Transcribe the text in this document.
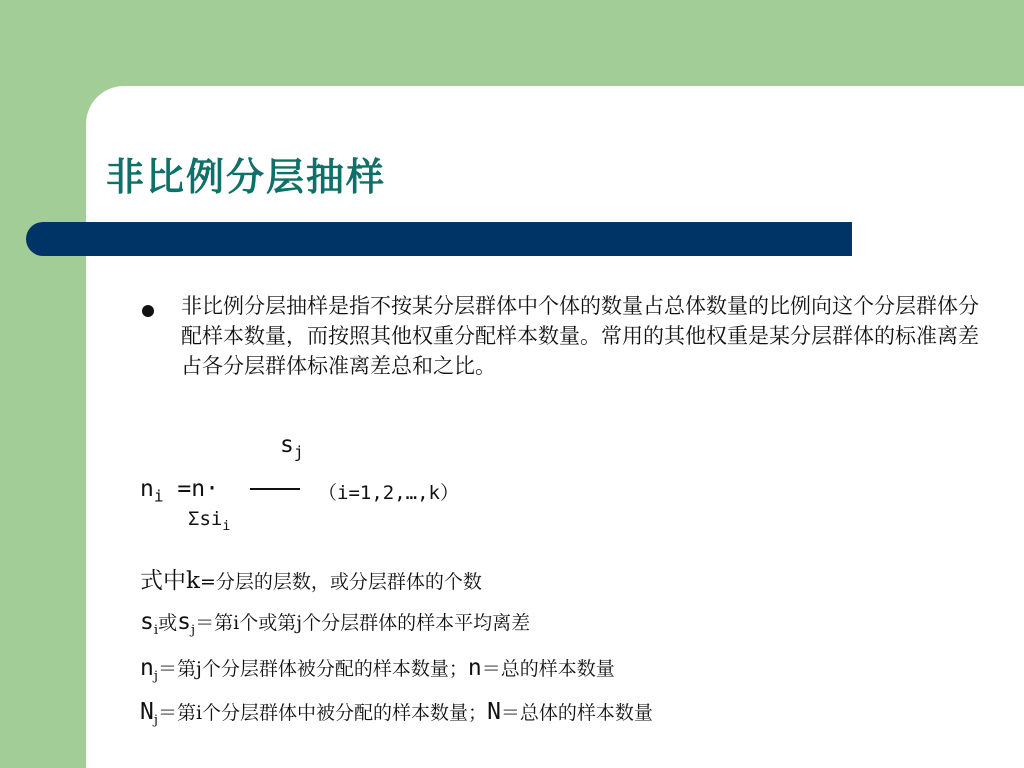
非比例分层抽样
非比例分层抽样是指不按某分层群体中个体的数量占总体数量的比例向这个分层群体分配样本数量，而按照其他权重分配样本数量。常用的其他权重是某分层群体的标准离差占各分层群体标准离差总和之比。
$s_j$
$n_i =n\cdot$	（i=1,2,…,k）
Σsi$_i$
式中k=分层的层数，或分层群体的个数
$s_i$或$s_j=$第i个或第j个分层群体的样本平均离差
$n_j=$第j个分层群体被分配的样本数量；n＝总的样本数量
$N_j=$第i个分层群体中被分配的样本数量；N＝总体的样本数量
